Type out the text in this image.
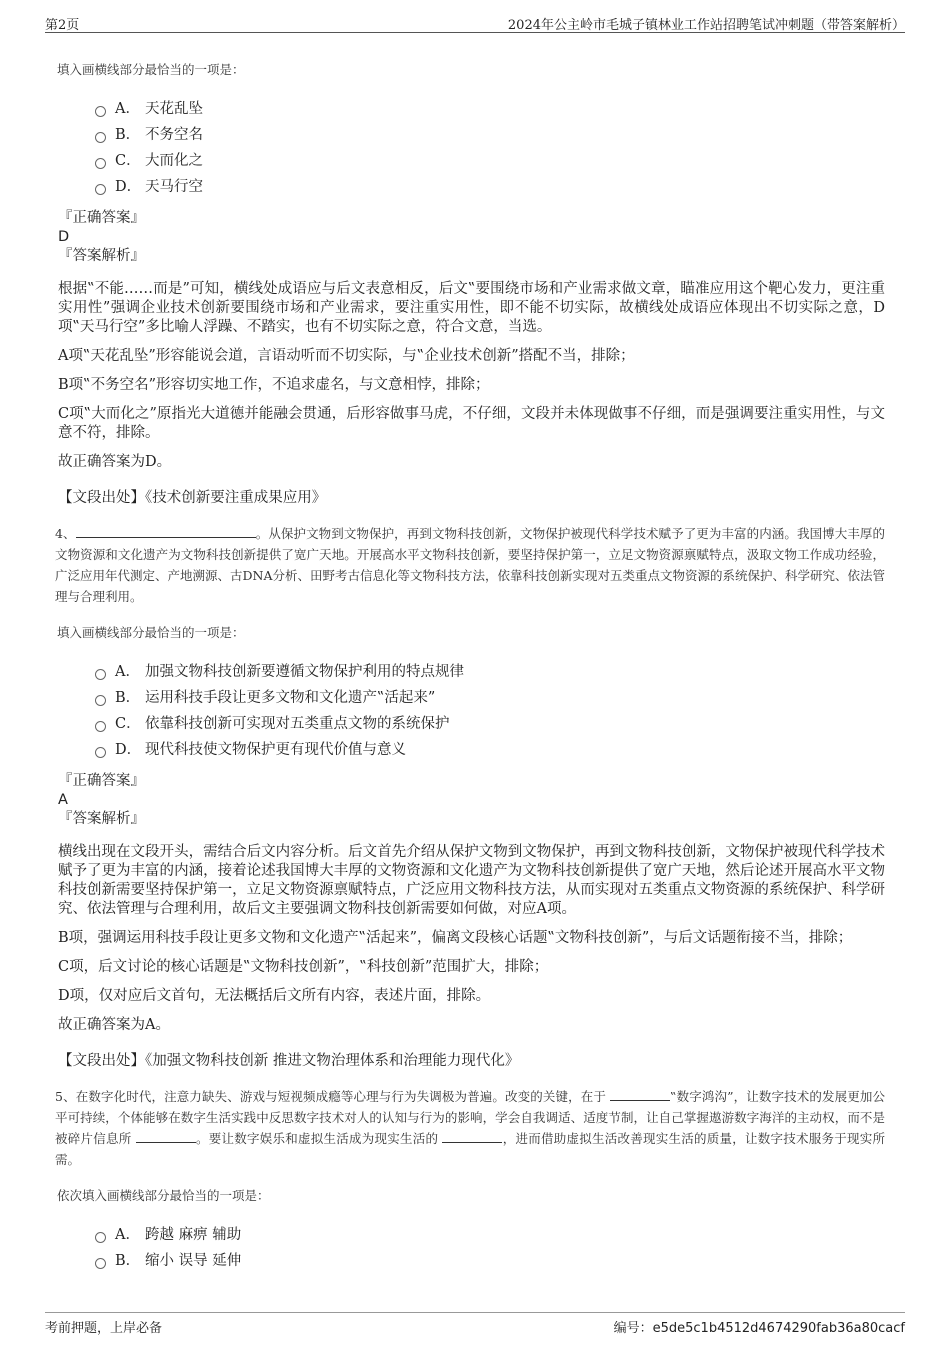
第2页	2024年公主岭市毛城子镇林业工作站招聘笔试冲刺题（带答案解析）
填入画横线部分最恰当的一项是：
A． 天花乱坠
B． 不务空名
C． 大而化之
D． 天马行空
『正确答案』
D
『答案解析』
根据‟不能……而是”可知，横线处成语应与后文表意相反，后文‟要围绕市场和产业需求做文章，瞄准应用这个靶心发力，更注重实用性”强调企业技术创新要围绕市场和产业需求，要注重实用性，即不能不切实际，故横线处成语应体现出不切实际之意，D项‟天马行空”多比喻人浮躁、不踏实，也有不切实际之意，符合文意，当选。
A项‟天花乱坠”形容能说会道，言语动听而不切实际，与‟企业技术创新”搭配不当，排除；
B项‟不务空名”形容切实地工作，不追求虚名，与文意相悖，排除；
C项‟大而化之”原指光大道德并能融会贯通，后形容做事马虎，不仔细，文段并未体现做事不仔细，而是强调要注重实用性，与文意不符，排除。
故正确答案为D。
【文段出处】《技术创新要注重成果应用》
4、	。从保护文物到文物保护，再到文物科技创新，文物保护被现代科学技术赋予了更为丰富的内涵。我国博大丰厚的文物资源和文化遗产为文物科技创新提供了宽广天地。开展高水平文物科技创新，要坚持保护第一，立足文物资源禀赋特点，汲取文物工作成功经验，广泛应用年代测定、产地溯源、古DNA分析、田野考古信息化等文物科技方法，依靠科技创新实现对五类重点文物资源的系统保护、科学研究、依法管理与合理利用。
填入画横线部分最恰当的一项是：
A． 加强文物科技创新要遵循文物保护利用的特点规律
B． 运用科技手段让更多文物和文化遗产‟活起来”
C． 依靠科技创新可实现对五类重点文物的系统保护
D． 现代科技使文物保护更有现代价值与意义
『正确答案』
A
『答案解析』
横线出现在文段开头，需结合后文内容分析。后文首先介绍从保护文物到文物保护，再到文物科技创新，文物保护被现代科学技术赋予了更为丰富的内涵，接着论述我国博大丰厚的文物资源和文化遗产为文物科技创新提供了宽广天地，然后论述开展高水平文物科技创新需要坚持保护第一，立足文物资源禀赋特点，广泛应用文物科技方法，从而实现对五类重点文物资源的系统保护、科学研究、依法管理与合理利用，故后文主要强调文物科技创新需要如何做，对应A项。
B项，强调运用科技手段让更多文物和文化遗产‟活起来”，偏离文段核心话题‟文物科技创新”，与后文话题衔接不当，排除；
C项，后文讨论的核心话题是‟文物科技创新”，‟科技创新”范围扩大，排除；
D项，仅对应后文首句，无法概括后文所有内容，表述片面，排除。
故正确答案为A。
【文段出处】《加强文物科技创新 推进文物治理体系和治理能力现代化》
5、在数字化时代，注意力缺失、游戏与短视频成瘾等心理与行为失调极为普遍。改变的关键，在于	‟数字鸿沟”，让数字技术的发展更加公平可持续，个体能够在数字生活实践中反思数字技术对人的认知与行为的影响，学会自我调适、适度节制，让自己掌握遨游数字海洋的主动权，而不是被碎片信息所	。要让数字娱乐和虚拟生活成为现实生活的	，进而借助虚拟生活改善现实生活的质量，让数字技术服务于现实所需。
依次填入画横线部分最恰当的一项是：
A． 跨越 麻痹 辅助
B． 缩小 误导 延伸
考前押题，上岸必备	编号：e5de5c1b4512d4674290fab36a80cacf
